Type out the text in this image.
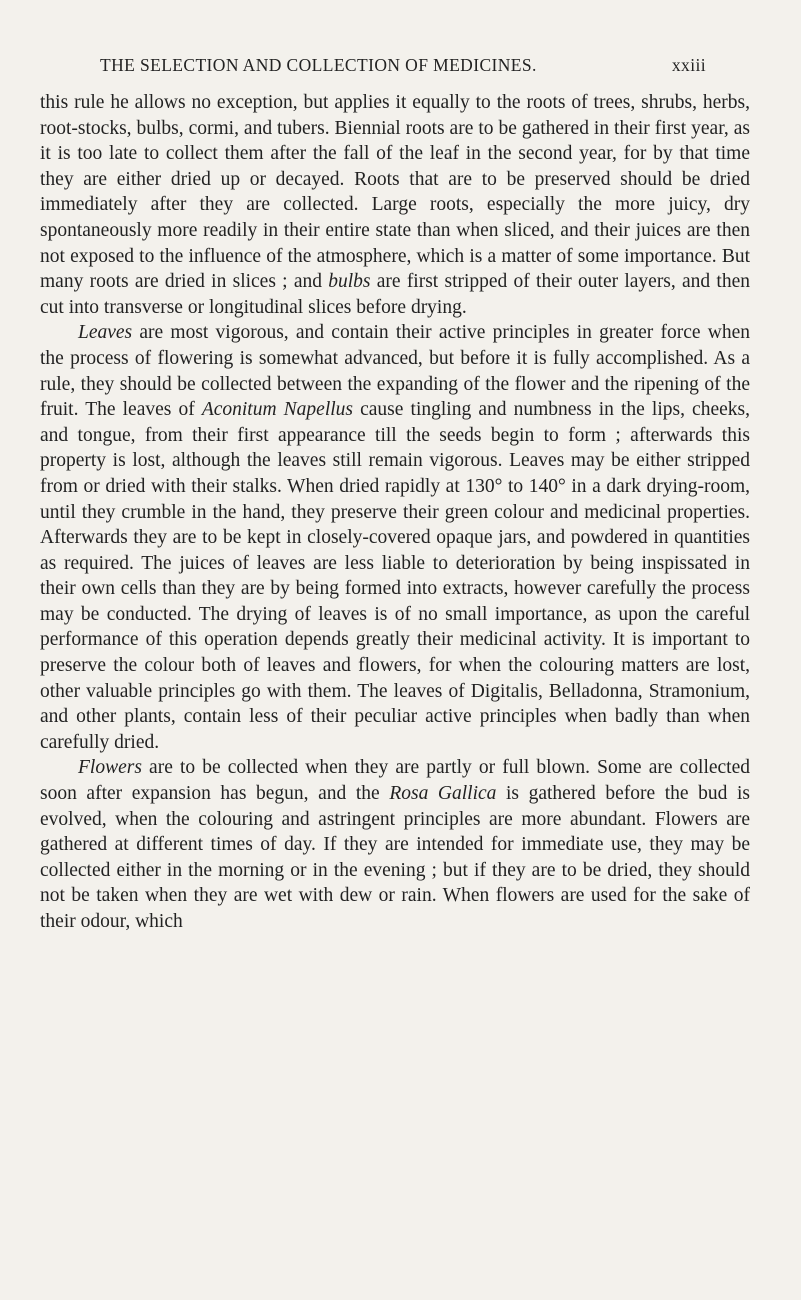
THE SELECTION AND COLLECTION OF MEDICINES.	xxiii

this rule he allows no exception, but applies it equally to the roots of trees, shrubs, herbs, root-stocks, bulbs, cormi, and tubers. Biennial roots are to be gathered in their first year, as it is too late to collect them after the fall of the leaf in the second year, for by that time they are either dried up or decayed. Roots that are to be preserved should be dried immediately after they are collected. Large roots, especially the more juicy, dry spontaneously more readily in their entire state than when sliced, and their juices are then not exposed to the influence of the atmosphere, which is a matter of some importance. But many roots are dried in slices ; and bulbs are first stripped of their outer layers, and then cut into transverse or longitudinal slices before drying.

Leaves are most vigorous, and contain their active principles in greater force when the process of flowering is somewhat advanced, but before it is fully accomplished. As a rule, they should be collected between the expanding of the flower and the ripening of the fruit. The leaves of Aconitum Napellus cause tingling and numbness in the lips, cheeks, and tongue, from their first appearance till the seeds begin to form ; afterwards this property is lost, although the leaves still remain vigorous. Leaves may be either stripped from or dried with their stalks. When dried rapidly at 130° to 140° in a dark drying-room, until they crumble in the hand, they preserve their green colour and medicinal properties. Afterwards they are to be kept in closely-covered opaque jars, and powdered in quantities as required. The juices of leaves are less liable to deterioration by being inspissated in their own cells than they are by being formed into extracts, however carefully the process may be conducted. The drying of leaves is of no small importance, as upon the careful performance of this operation depends greatly their medicinal activity. It is important to preserve the colour both of leaves and flowers, for when the colouring matters are lost, other valuable principles go with them. The leaves of Digitalis, Belladonna, Stramonium, and other plants, contain less of their peculiar active principles when badly than when carefully dried.

Flowers are to be collected when they are partly or full blown. Some are collected soon after expansion has begun, and the Rosa Gallica is gathered before the bud is evolved, when the colouring and astringent principles are more abundant. Flowers are gathered at different times of day. If they are intended for immediate use, they may be collected either in the morning or in the evening ; but if they are to be dried, they should not be taken when they are wet with dew or rain. When flowers are used for the sake of their odour, which
